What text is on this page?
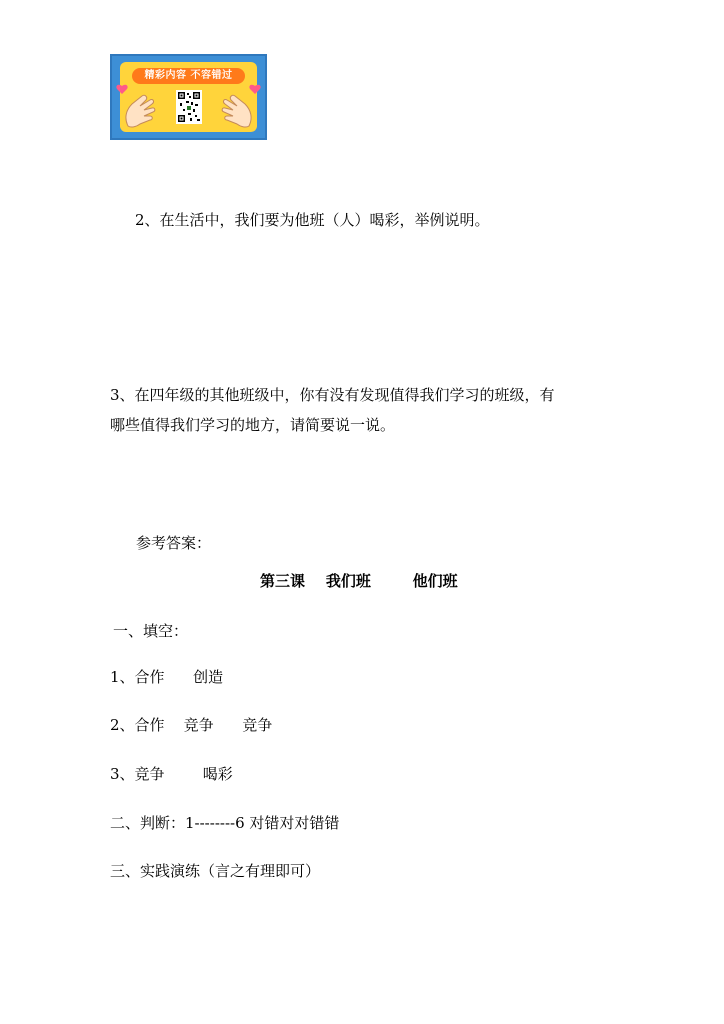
精彩内容 不容错过
2、在生活中，我们要为他班（人）喝彩，举例说明。
3、在四年级的其他班级中，你有没有发现值得我们学习的班级，有
哪些值得我们学习的地方，请简要说一说。
参考答案：
第三课    我们班        他们班
一、填空：
1、合作      创造
2、合作    竞争      竞争
3、竞争        喝彩
二、判断：1--------6 对错对对错错
三、实践演练（言之有理即可）
